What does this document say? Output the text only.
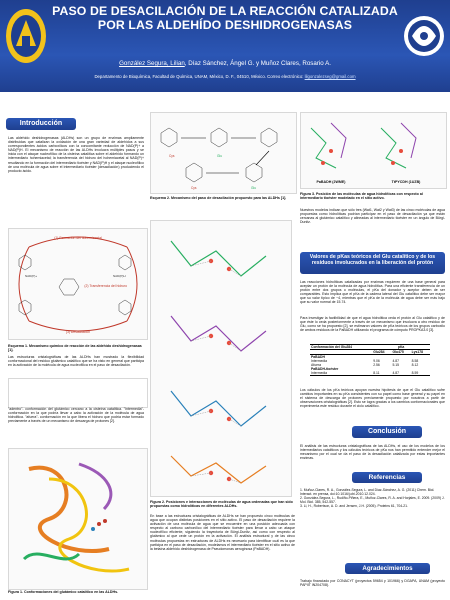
PASO DE DESACILACIÓN DE LA REACCIÓN CATALIZADA POR LAS ALDEHÍDO DESHIDROGENASAS
González Segura, Lilian, Díaz Sánchez, Ángel G. y Muñoz Clares, Rosario A.
Departamento de Bioquímica, Facultad de Química, UNAM, México, D. F., 04510, México. Correo electrónico: lilgonzalezseg@gmail.com
Introducción
Las aldehído deshidrogenasas (ALDHs) son un grupo de enzimas ampliamente distribuidas que catalizan la oxidación de una gran variedad de aldehídos a sus correspondientes ácidos carboxílicos con la concomitante reducción de NAD(P)+ a NAD(P)H. El mecanismo de reacción de las ALDHs involucra múltiples pasos y se inicia con el ataque nucleofílico de la cisteína catalítica sobre el aldehído formando un intermediario hohemiacetal; la transferencia del hidruro del hohemiacetal al NAD(P)+ resultando en la formación del intermediario tioéster y NAD(P)H y el ataque nucleofílico de una molécula de agua sobre el intermediario tioéster (desacilación) produciendo el producto ácido.
(1) Formación del tiohemiacetal
(2) Transferencia del hidruro
(3) Desacilación
NAD(P)+	NAD(P)H
Esquema 1. Mecanismo químico de reacción de las aldehído deshidrogenasas [1].
Las estructuras cristalográficas de las ALDHs han mostrado la flexibilidad conformacional del residuo glutámico catalítico que se ha visto en general que participa en la activación de la molécula de agua nucleofílica en el paso de desacilación.
"adentro"- conformación del glutámico cercano a la cisteína catalítica. "Intermedia"- conformación en la que podría llevar a cabo la activación de la molécula de agua hidrolítica. "afuera"- conformación en la que libera el hidruro que podría estar formado previamente a través de un mecanismo de descarga de protones [2].
Figura 1. Conformaciones del glutámico catalítico en las ALDHs.
Cys	Glu
Cys	Glu
Esquema 2. Mecanismo del paso de desacilación propuesto para las ALDHs [1].
Figura 2. Posiciones e interacciones de moléculas de agua ordenadas que han sido propuestas como hidrolíticas en diferentes ALDHs.
En base a las estructuras cristalográficas de ALDHs se han propuesto cinco moléculas de agua que ocupan distintas posiciones en el sitio activo. El paso de desacilación requiere la activación de una molécula de agua que se encuentre en una posición adecuada con respecto al carbono carbonílico del intermediario tioéster para llevar a cabo un ataque nucleofílico eficiente, siguiendo la trayectoria de Bürgi-Dunitz, así como con respecto al glutámico al que cede un protón en la activación. El análisis estructural y de las cinco moléculas propuestas en estructuras de ALDHs es necesario para identificar cuál es la que participa en el paso de desacilación, modelamos el intermediario tioéster en el sitio activo de la betaína aldehído deshidrogenasa de Pseudomonas aeruginosa (PaBADH).
PaBADH (2WME)	TtPYCDH (1UZB)
Figura 3. Posición de las moléculas de agua hidrolíticas con respecto al intermediario tioéster modelado en el sitio activo.
Nuestros modelos indican que sólo tres (Wat1, Wat2 y Wat3) de las cinco moléculas de agua propuestas como hidrolíticas podrían participar en el paso de desacilación ya que están cercanas al glutámico catalítico y alineadas al intermediario tioéster en un ángulo de Bürgi-Dunitz.
Valores de pKas teóricos del Glu catalítico y de los residuos involucrados en la liberación del protón
Las reacciones hidrolíticas catalizadas por enzimas requieren de una base general para aceptar un protón de la molécula de agua hidrolítica. Para una eficiente transferencia de un protón entre dos grupos o moléculas, el pKa del donador y aceptor deben de ser comparables. Esto implica que el pKa de la cadena lateral del Glu catalítico debe ser mayor que su valor típico de ~4, mientras que el pKa de la molécula de agua debe ser más bajo que su valor normal de 15.74.
Para investigar la factibilidad de que el agua hidrolítica ceda el protón al Glu catalítico y de que éste lo ceda posteriormente a través de un mecanismo que involucra a otro residuo de Glu, como se ha propuesto [2], se estimaron valores de pKa teóricos de los grupos carboxilo de ambos residuos de la PaBADH utilizando el programa de cómputo PROPKA3.0 [3].
Conformación del Glu284	pKa		
	Glu284	Glu475	Lys178
PaBADH			
Intermedia	9.06	4.87	8.58
Afuera	2.56	5.15	8.12
PaBADH-tioéster			
Intermedia	8.11	4.87	8.59
Los cálculos de los pKa teóricos apoyan nuestra hipótesis de que el Glu catalítico sufre cambios importantes en su pKa consistentes con su papel como base general y su papel en el sistema de descarga de protones previamente propuesto por nosotros a partir de observaciones cristalográficas [2]. Esto se logra gracias a los cambios conformacionales que experimenta este residuo durante el ciclo catalítico.
Conclusión
El análisis de las estructuras cristalográficas de las ALDHs, el uso de los modelos de los intermediarios catalíticos y los cálculos teóricos de pKa nos han permitido entender mejor el mecanismo por el cual se da el paso de la desacilación catalizada por estas importantes enzimas.
Referencias
1. Muñoz-Clares, R. A., González-Segura, L. and Díaz-Sánchez, A. G. (2011) Chem. Biol. Interact. en prensa, doi:10.1016/j.cbi.2010.12.024.
2. González-Segura, L., Rudiño-Piñera, E., Muñoz-Clares, R. A. and Horjales, E. 2009. (2009) J. Mol. Biol. 385, 542-557.
3. Li, H., Robertson, A. D. and Jensen, J.H. (2005). Proteins 61, 704-21.
Agradecimientos
Trabajo financiado por CONACYT (proyectos 59654 y 101966) y DGAPA, UNAM (proyecto PAPIIT IN204708).
